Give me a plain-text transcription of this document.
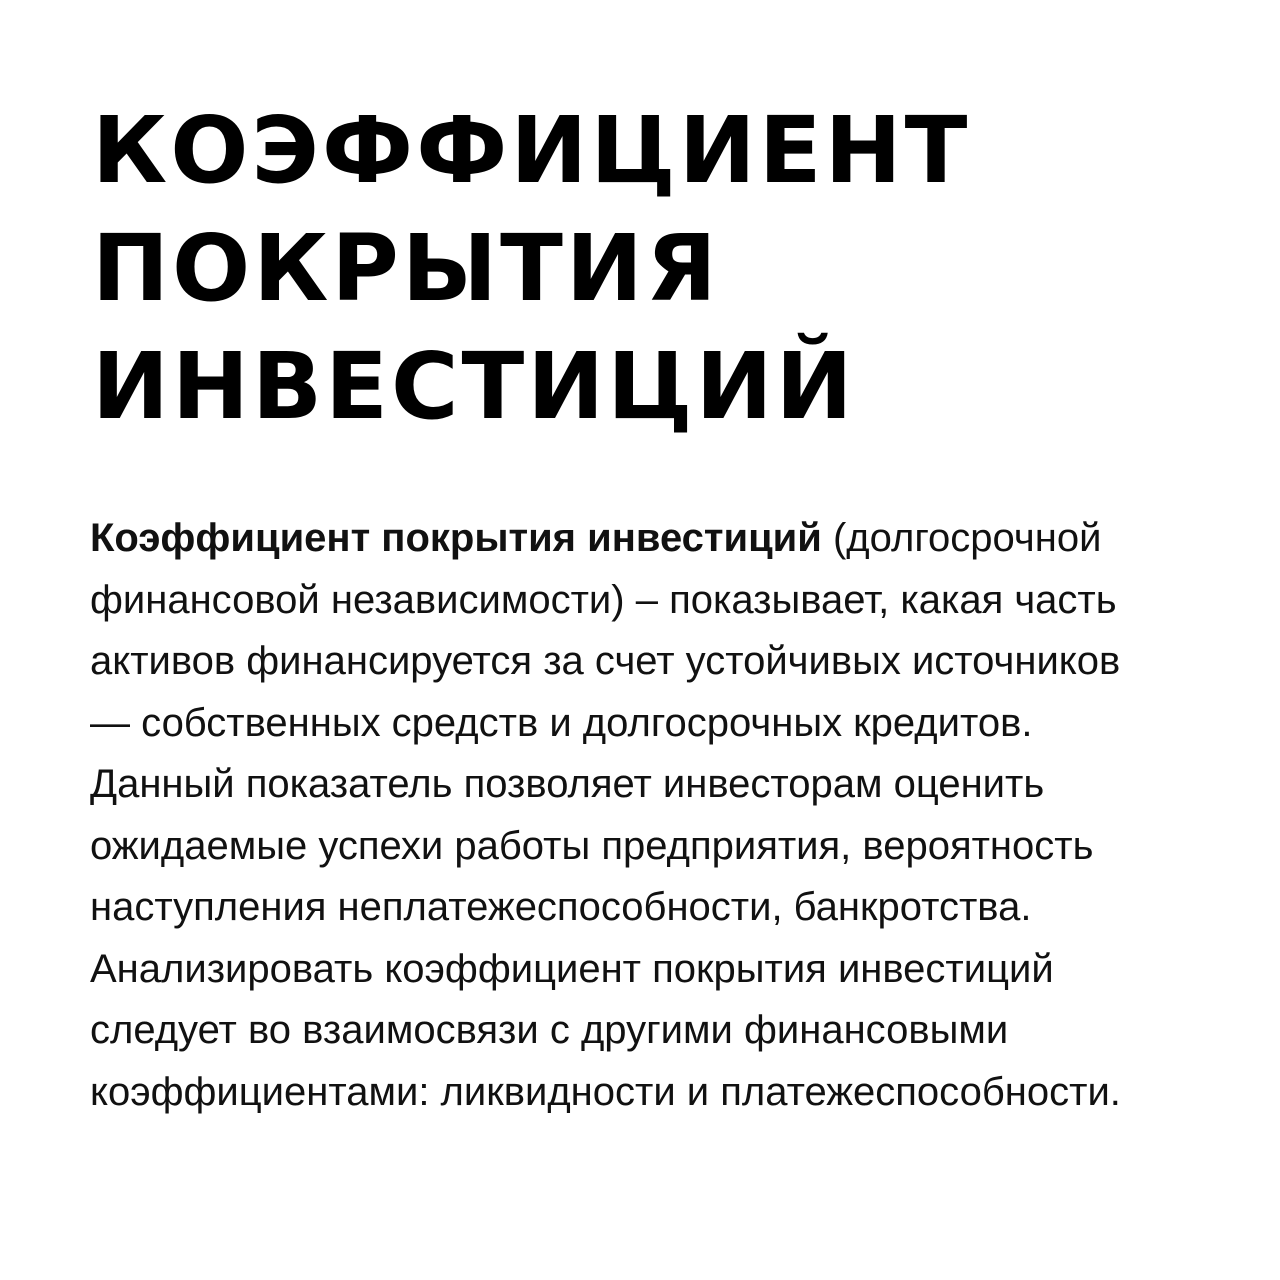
КОЭФФИЦИЕНТ
ПОКРЫТИЯ
ИНВЕСТИЦИЙ

Коэффициент покрытия инвестиций (долгосрочной
финансовой независимости) – показывает, какая часть
активов финансируется за счет устойчивых источников
— собственных средств и долгосрочных кредитов.
Данный показатель позволяет инвесторам оценить
ожидаемые успехи работы предприятия, вероятность
наступления неплатежеспособности, банкротства.
Анализировать коэффициент покрытия инвестиций
следует во взаимосвязи с другими финансовыми
коэффициентами: ликвидности и платежеспособности.
